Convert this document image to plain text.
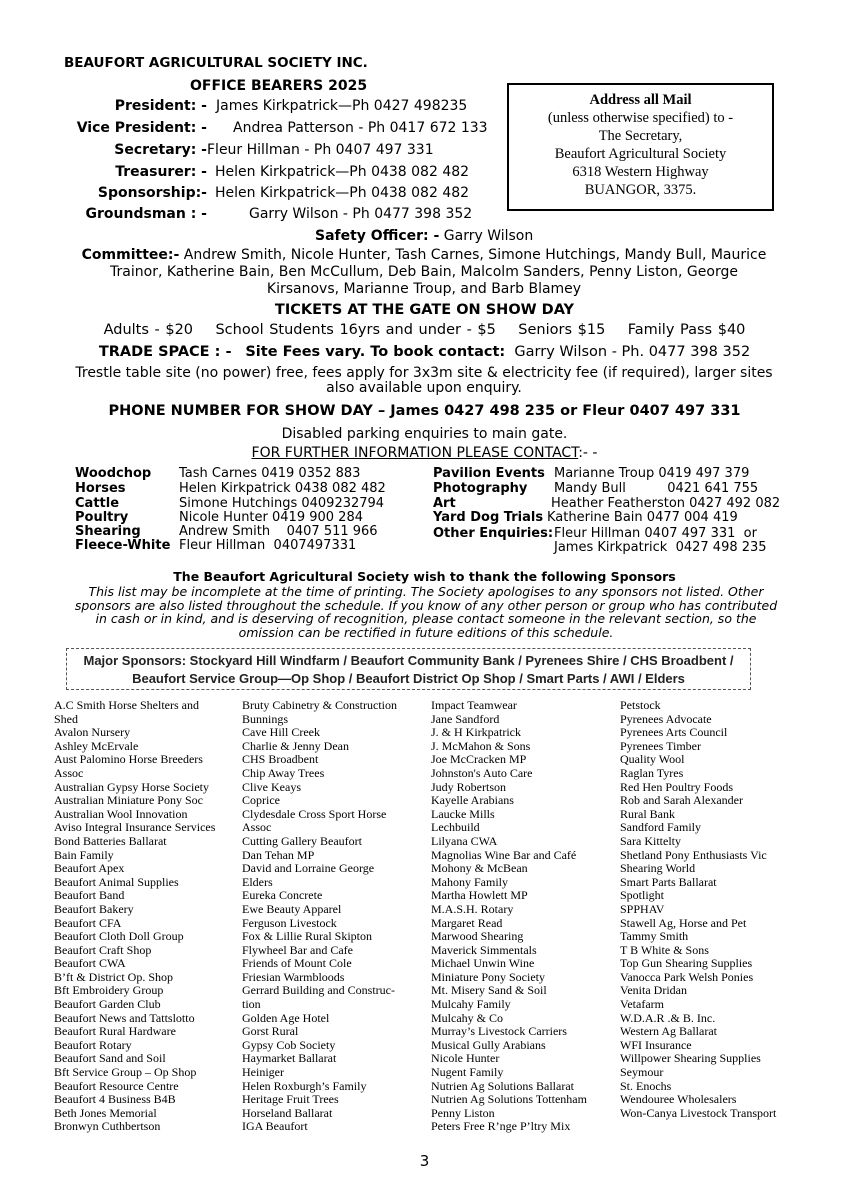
BEAUFORT AGRICULTURAL SOCIETY INC.
OFFICE BEARERS 2025
President: - James Kirkpatrick—Ph 0427 498235
Vice President: - Andrea Patterson - Ph 0417 672 133
Secretary: - Fleur Hillman - Ph 0407 497 331
Treasurer: - Helen Kirkpatrick—Ph 0438 082 482
Sponsorship:- Helen Kirkpatrick—Ph 0438 082 482
Groundsman : -	Garry Wilson - Ph 0477 398 352
Address all Mail
(unless otherwise specified) to -
The Secretary,
Beaufort Agricultural Society
6318 Western Highway
BUANGOR, 3375.
Safety Officer: - Garry Wilson
Committee:- Andrew Smith, Nicole Hunter, Tash Carnes, Simone Hutchings, Mandy Bull, Maurice Trainor, Katherine Bain, Ben McCullum, Deb Bain, Malcolm Sanders, Penny Liston, George Kirsanovs, Marianne Troup, and Barb Blamey
TICKETS AT THE GATE ON SHOW DAY
Adults - $20    School Students 16yrs and under - $5    Seniors $15    Family Pass $40
TRADE SPACE : - Site Fees vary. To book contact: Garry Wilson - Ph. 0477 398 352
Trestle table site (no power) free, fees apply for 3x3m site & electricity fee (if required), larger sites also available upon enquiry.
PHONE NUMBER FOR SHOW DAY – James 0427 498 235 or Fleur 0407 497 331
Disabled parking enquiries to main gate.
FOR FURTHER INFORMATION PLEASE CONTACT:- -
Woodchop Tash Carnes 0419 0352 883
Horses	Helen Kirkpatrick 0438 082 482
Cattle	Simone Hutchings 0409232794
Poultry	Nicole Hunter 0419 900 284
Shearing	Andrew Smith    0407 511 966
Fleece-White Fleur Hillman  0407497331
Pavilion Events Marianne Troup 0419 497 379
Photography Mandy Bull          0421 641 755
Art	Heather Featherston 0427 492 082
Yard Dog Trials Katherine Bain 0477 004 419
Other Enquiries: Fleur Hillman 0407 497 331  or
James Kirkpatrick  0427 498 235
The Beaufort Agricultural Society wish to thank the following Sponsors
This list may be incomplete at the time of printing. The Society apologises to any sponsors not listed. Other sponsors are also listed throughout the schedule. If you know of any other person or group who has contributed in cash or in kind, and is deserving of recognition, please contact someone in the relevant section, so the omission can be rectified in future editions of this schedule.
Major Sponsors: Stockyard Hill Windfarm / Beaufort Community Bank / Pyrenees Shire / CHS Broadbent / Beaufort Service Group—Op Shop / Beaufort District Op Shop / Smart Parts / AWI / Elders
A.C Smith Horse Shelters and
Shed
Avalon Nursery
Ashley McErvale
Aust Palomino Horse Breeders
Assoc
Australian Gypsy Horse Society
Australian Miniature Pony Soc
Australian Wool Innovation
Aviso Integral Insurance Services
Bond Batteries Ballarat
Bain Family
Beaufort Apex
Beaufort Animal Supplies
Beaufort Band
Beaufort Bakery
Beaufort CFA
Beaufort Cloth Doll Group
Beaufort Craft Shop
Beaufort CWA
B’ft & District Op. Shop
Bft Embroidery Group
Beaufort Garden Club
Beaufort News and Tattslotto
Beaufort Rural Hardware
Beaufort Rotary
Beaufort Sand and Soil
Bft Service Group – Op Shop
Beaufort Resource Centre
Beaufort 4 Business B4B
Beth Jones Memorial
Bronwyn Cuthbertson
Bruty Cabinetry & Construction
Bunnings
Cave Hill Creek
Charlie & Jenny Dean
CHS Broadbent
Chip Away Trees
Clive Keays
Coprice
Clydesdale Cross Sport Horse
Assoc
Cutting Gallery Beaufort
Dan Tehan MP
David and Lorraine George
Elders
Eureka Concrete
Ewe Beauty Apparel
Ferguson Livestock
Fox & Lillie Rural Skipton
Flywheel Bar and Cafe
Friends of Mount Cole
Friesian Warmbloods
Gerrard Building and Construc-
tion
Golden Age Hotel
Gorst Rural
Gypsy Cob Society
Haymarket Ballarat
Heiniger
Helen Roxburgh’s Family
Heritage Fruit Trees
Horseland Ballarat
IGA Beaufort
Impact Teamwear
Jane Sandford
J. & H Kirkpatrick
J. McMahon & Sons
Joe McCracken MP
Johnston's Auto Care
Judy Robertson
Kayelle Arabians
Laucke Mills
Lechbuild
Lilyana CWA
Magnolias Wine Bar and Café
Mohony & McBean
Mahony Family
Martha Howlett MP
M.A.S.H. Rotary
Margaret Read
Marwood Shearing
Maverick Simmentals
Michael Unwin Wine
Miniature Pony Society
Mt. Misery Sand & Soil
Mulcahy Family
Mulcahy & Co
Murray’s Livestock Carriers
Musical Gully Arabians
Nicole Hunter
Nugent Family
Nutrien Ag Solutions Ballarat
Nutrien Ag Solutions Tottenham
Penny Liston
Peters Free R’nge P’ltry Mix
Petstock
Pyrenees Advocate
Pyrenees Arts Council
Pyrenees Timber
Quality Wool
Raglan Tyres
Red Hen Poultry Foods
Rob and Sarah Alexander
Rural Bank
Sandford Family
Sara Kittelty
Shetland Pony Enthusiasts Vic
Shearing World
Smart Parts Ballarat
Spotlight
SPPHAV
Stawell Ag, Horse and Pet
Tammy Smith
T B White & Sons
Top Gun Shearing Supplies
Vanocca Park Welsh Ponies
Venita Dridan
Vetafarm
W.D.A.R .& B. Inc.
Western Ag Ballarat
WFI Insurance
Willpower Shearing Supplies
Seymour
St. Enochs
Wendouree Wholesalers
Won-Canya Livestock Transport
3
